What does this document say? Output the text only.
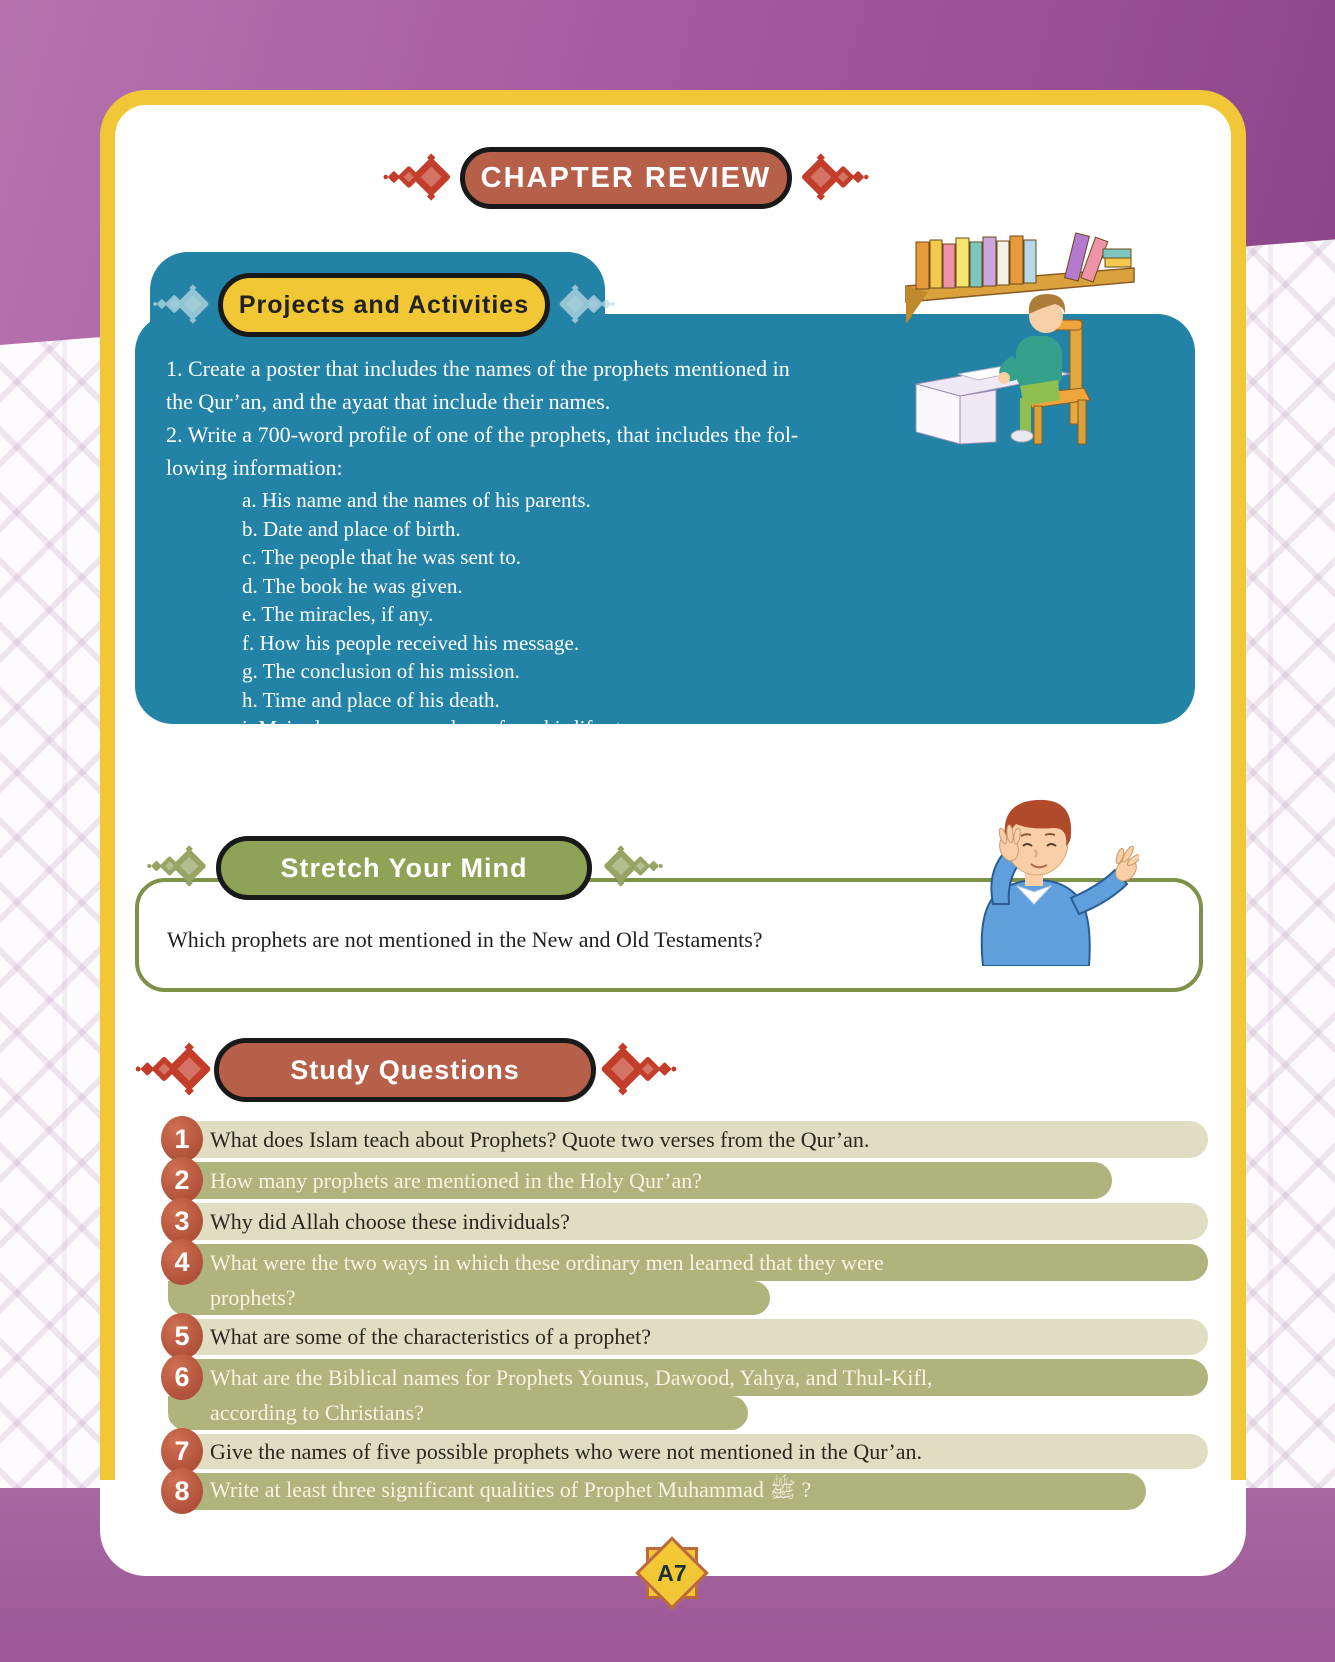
CHAPTER REVIEW
Projects and Activities
1. Create a poster that includes the names of the prophets mentioned in
the Qur’an, and the ayaat that include their names.
2. Write a 700-word profile of one of the prophets, that includes the fol-
lowing information:
a. His name and the names of his parents.
b. Date and place of birth.
c. The people that he was sent to.
d. The book he was given.
e. The miracles, if any.
f. How his people received his message.
g. The conclusion of his mission.
h. Time and place of his death.
i. Major lessons one can learn from his life story.
Stretch Your Mind
Which prophets are not mentioned in the New and Old Testaments?
Study Questions
What does Islam teach about Prophets? Quote two verses from the Qur’an.
1
How many prophets are mentioned in the Holy Qur’an?
2
Why did Allah choose these individuals?
3
What were the two ways in which these ordinary men learned that they were
prophets?
4
What are some of the characteristics of a prophet?
5
What are the Biblical names for Prophets Younus, Dawood, Yahya, and Thul-Kifl,
according to Christians?
6
Give the names of five possible prophets who were not mentioned in the Qur’an.
7
Write at least three significant qualities of Prophet Muhammad ﷺ ?
8
A7
